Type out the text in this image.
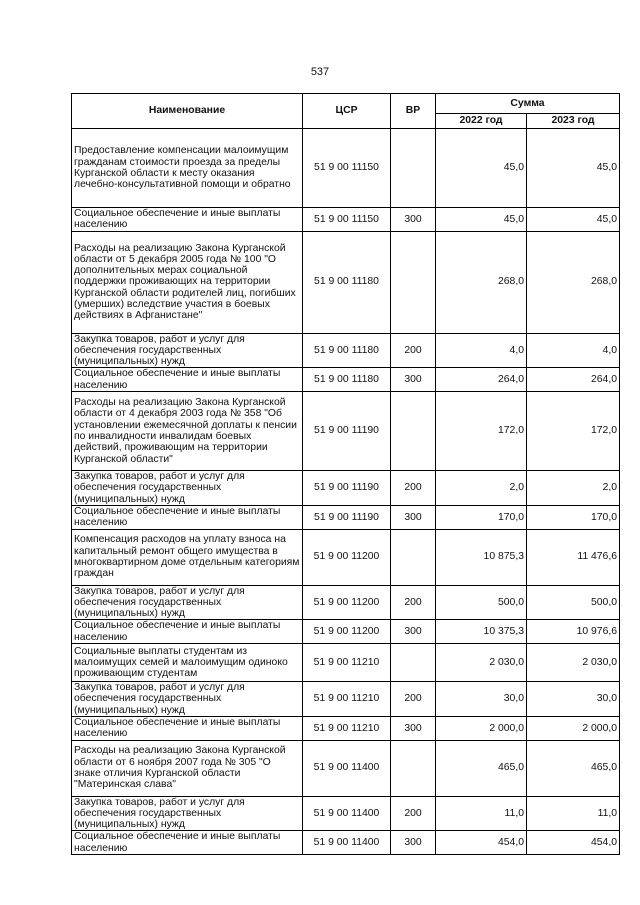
537
Наименование	ЦСР	ВР	Сумма	
			2022 год	2023 год
Предоставление компенсации малоимущим гражданам стоимости проезда за пределы Курганской области к месту оказания лечебно-консультативной помощи и обратно	51 9 00 11150		45,0	45,0
Социальное обеспечение и иные выплаты населению	51 9 00 11150	300	45,0	45,0
Расходы на реализацию Закона Курганской области от 5 декабря 2005 года № 100 "О дополнительных мерах социальной поддержки проживающих на территории Курганской области родителей лиц, погибших (умерших) вследствие участия в боевых действиях в Афганистане"	51 9 00 11180		268,0	268,0
Закупка товаров, работ и услуг для обеспечения государственных (муниципальных) нужд	51 9 00 11180	200	4,0	4,0
Социальное обеспечение и иные выплаты населению	51 9 00 11180	300	264,0	264,0
Расходы на реализацию Закона Курганской области от 4 декабря 2003 года № 358 "Об установлении ежемесячной доплаты к пенсии по инвалидности инвалидам боевых действий, проживающим на территории Курганской области"	51 9 00 11190		172,0	172,0
Закупка товаров, работ и услуг для обеспечения государственных (муниципальных) нужд	51 9 00 11190	200	2,0	2,0
Социальное обеспечение и иные выплаты населению	51 9 00 11190	300	170,0	170,0
Компенсация расходов на уплату взноса на капитальный ремонт общего имущества в многоквартирном доме отдельным категориям граждан	51 9 00 11200		10 875,3	11 476,6
Закупка товаров, работ и услуг для обеспечения государственных (муниципальных) нужд	51 9 00 11200	200	500,0	500,0
Социальное обеспечение и иные выплаты населению	51 9 00 11200	300	10 375,3	10 976,6
Социальные выплаты студентам из малоимущих семей и малоимущим одиноко проживающим студентам	51 9 00 11210		2 030,0	2 030,0
Закупка товаров, работ и услуг для обеспечения государственных (муниципальных) нужд	51 9 00 11210	200	30,0	30,0
Социальное обеспечение и иные выплаты населению	51 9 00 11210	300	2 000,0	2 000,0
Расходы на реализацию Закона Курганской области от 6 ноября 2007 года № 305 "О знаке отличия Курганской области "Материнская слава"	51 9 00 11400		465,0	465,0
Закупка товаров, работ и услуг для обеспечения государственных (муниципальных) нужд	51 9 00 11400	200	11,0	11,0
Социальное обеспечение и иные выплаты населению	51 9 00 11400	300	454,0	454,0
